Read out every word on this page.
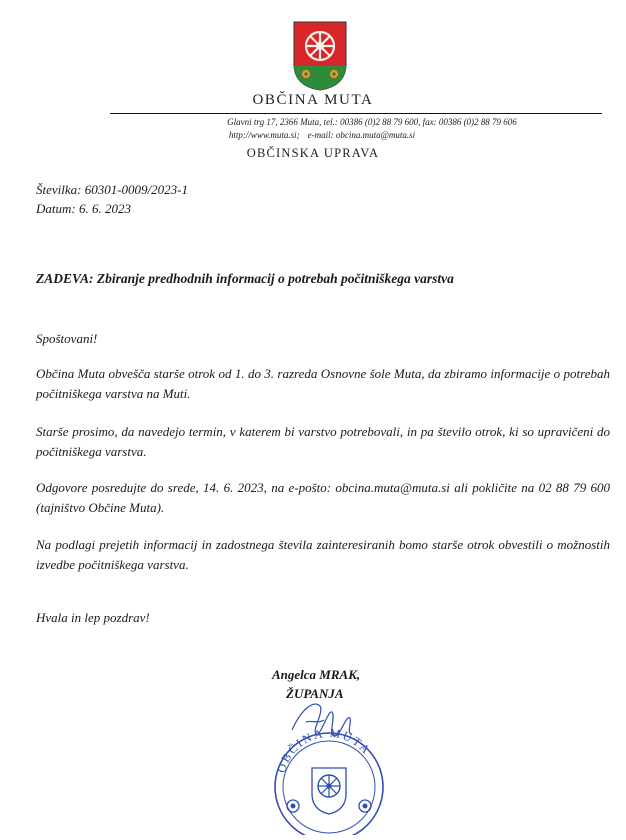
OBČINA MUTA
Glavni trg 17, 2366 Muta, tel.: 00386 (0)2 88 79 600, fax: 00386 (0)2 88 79 606
http://www.muta.si; e-mail: obcina.muta@muta.si
OBČINSKA UPRAVA
Številka: 60301-0009/2023-1
Datum: 6. 6. 2023
ZADEVA: Zbiranje predhodnih informacij o potrebah počitniškega varstva
Spoštovani!
Občina Muta obvešča starše otrok od 1. do 3. razreda Osnovne šole Muta, da zbiramo informacije o potrebah počitniškega varstva na Muti.
Starše prosimo, da navedejo termin, v katerem bi varstvo potrebovali, in pa število otrok, ki so upravičeni do počitniškega varstva.
Odgovore posredujte do srede, 14. 6. 2023, na e-pošto: obcina.muta@muta.si ali pokličite na 02 88 79 600 (tajništvo Občine Muta).
Na podlagi prejetih informacij in zadostnega števila zainteresiranih bomo starše otrok obvestili o možnostih izvedbe počitniškega varstva.
Hvala in lep pozdrav!
OBČINA MUTA
Angelca MRAK,
ŽUPANJA
